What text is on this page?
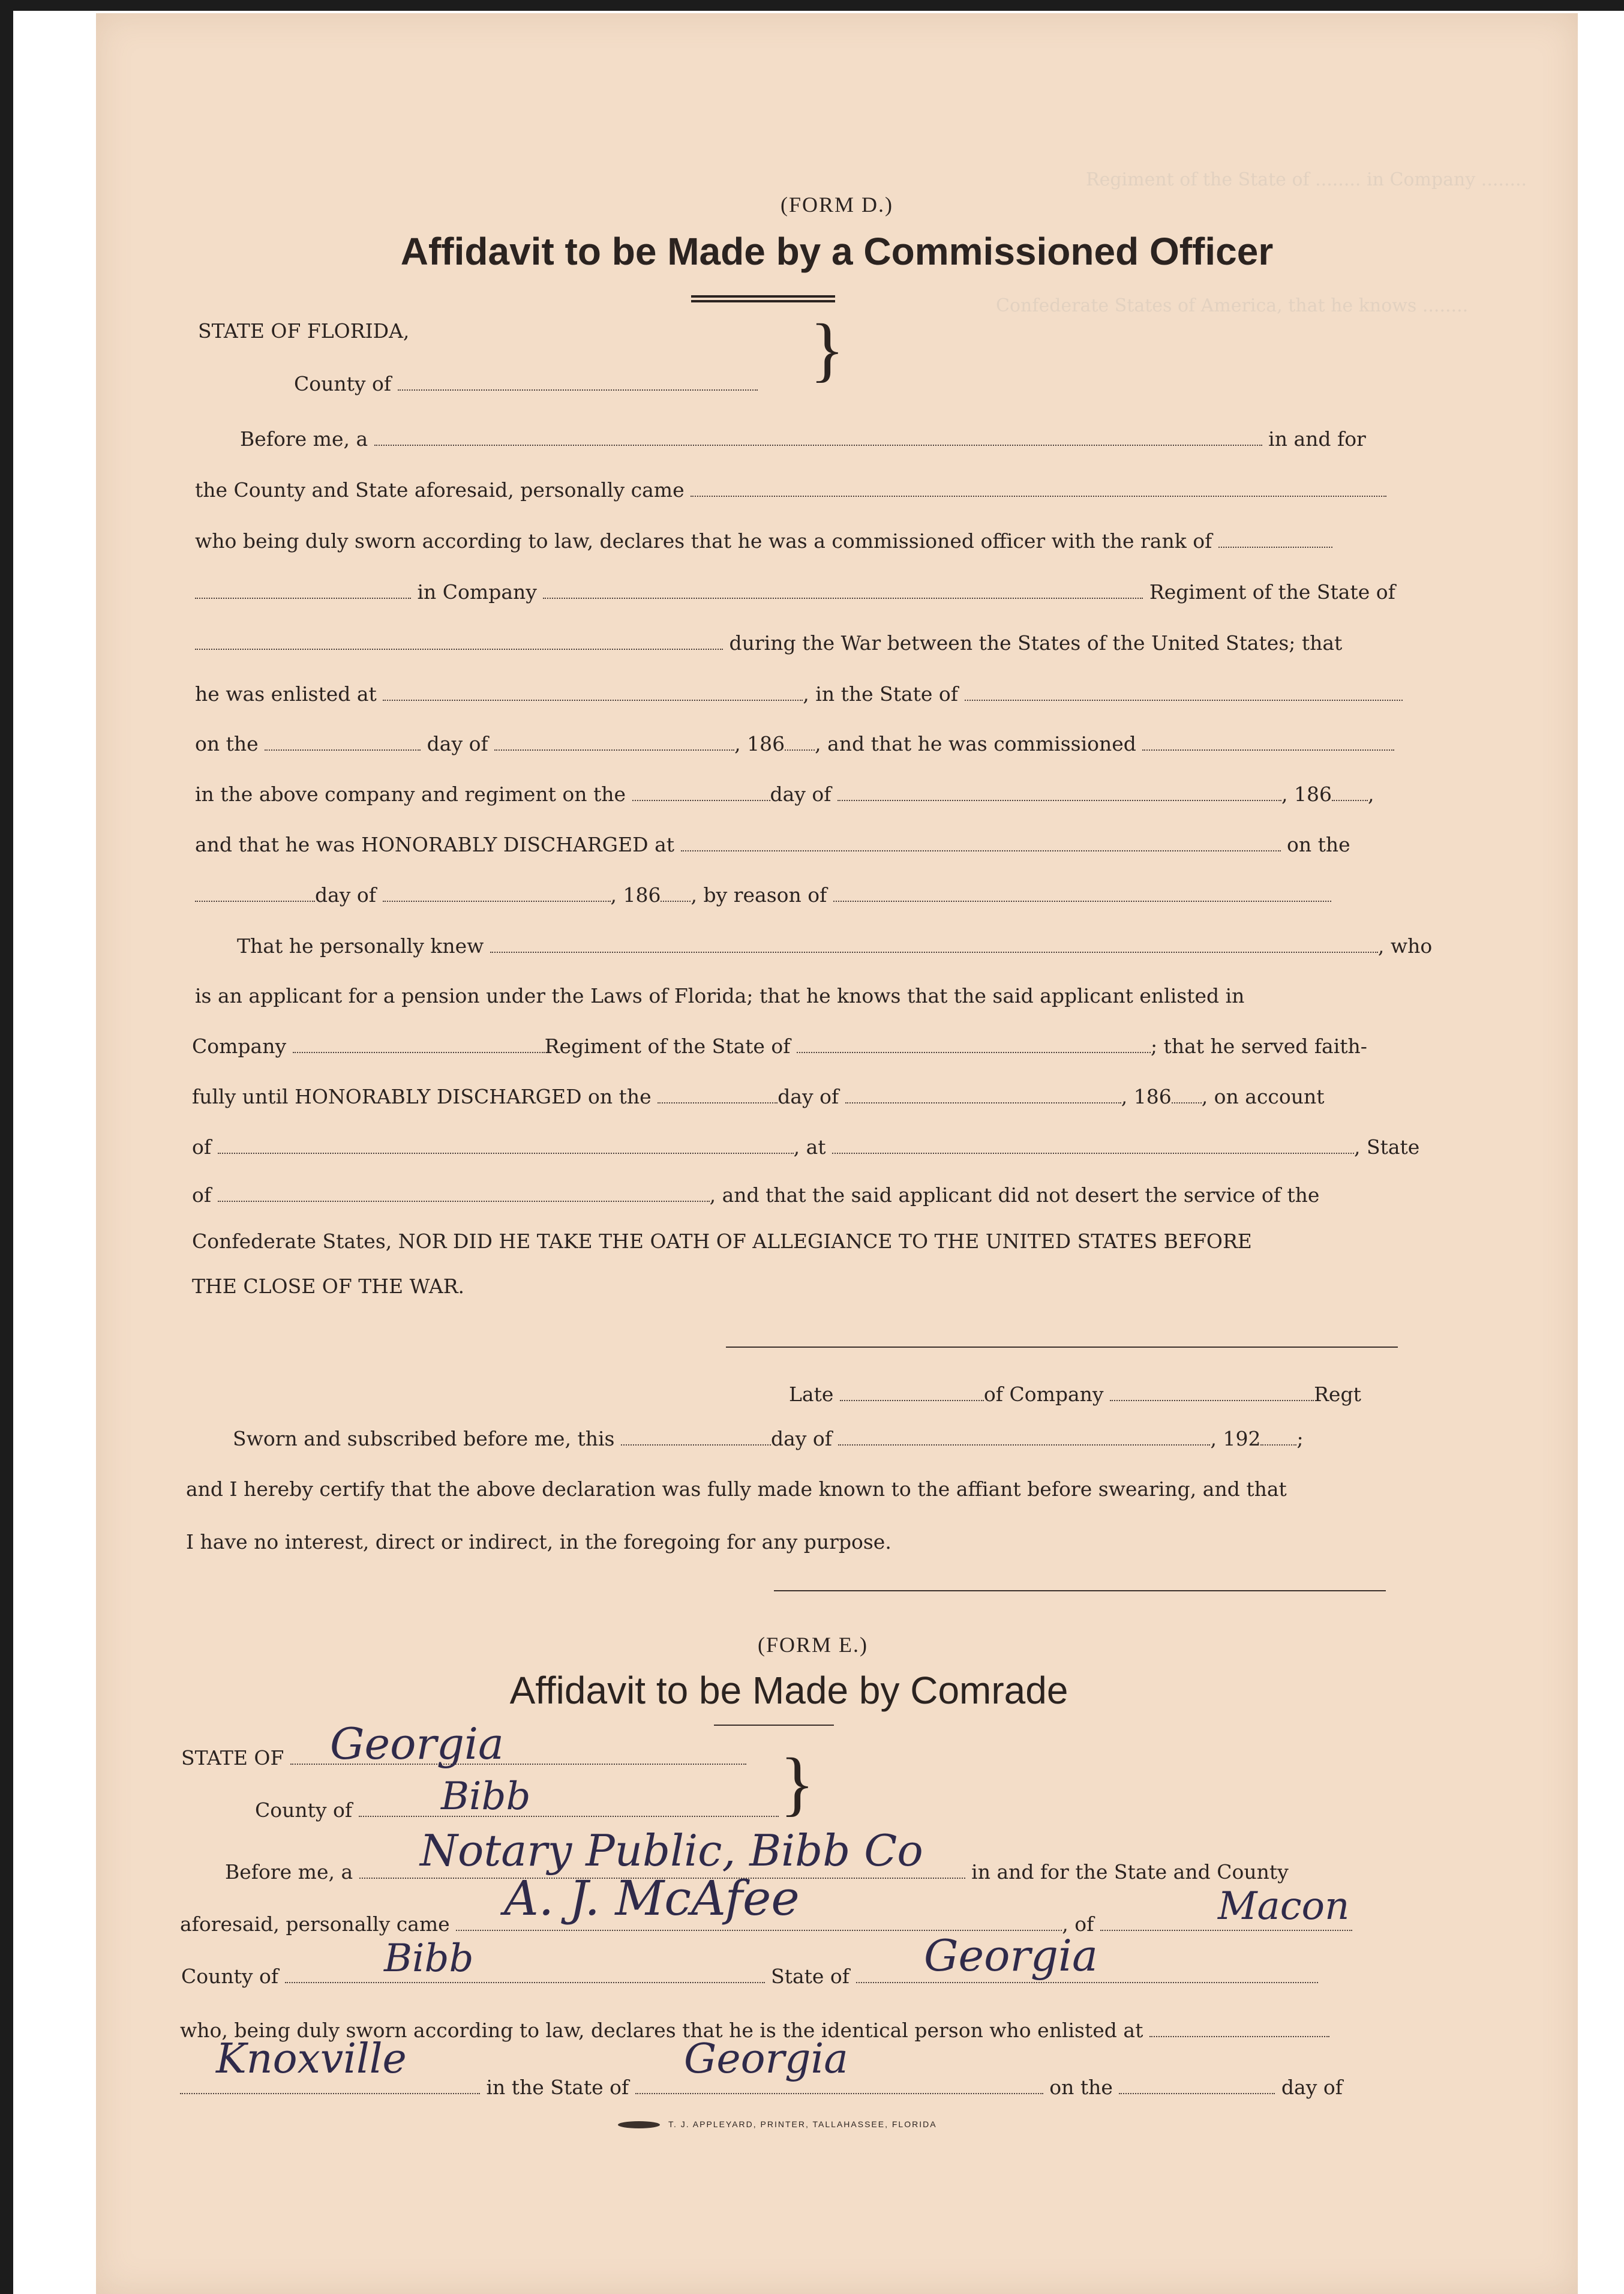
Regiment of the State of ........ in Company ........
Confederate States of America, that he knows ........
(FORM D.)
Affidavit to be Made by a Commissioned Officer
STATE OF FLORIDA,
County of	}
Before me, a	in and for
the County and State aforesaid, personally came
who being duly sworn according to law, declares that he was a commissioned officer with the rank of
in Company	Regiment of the State of
during the War between the States of the United States; that
he was enlisted at	, in the State of
on the	day of	, 186 , and that he was commissioned
in the above company and regiment on the	day of	, 186 ,
and that he was HONORABLY DISCHARGED at	on the
day of	, 186 , by reason of
That he personally knew	, who
is an applicant for a pension under the Laws of Florida; that he knows that the said applicant enlisted in
Company	Regiment of the State of	; that he served faith-
fully until HONORABLY DISCHARGED on the	day of	, 186 , on account
of	, at	, State
of	, and that the said applicant did not desert the service of the
Confederate States, NOR DID HE TAKE THE OATH OF ALLEGIANCE TO THE UNITED STATES BEFORE
THE CLOSE OF THE WAR.
Late	of Company	Regt
Sworn and subscribed before me, this	day of	, 192 ;
and I hereby certify that the above declaration was fully made known to the affiant before swearing, and that
I have no interest, direct or indirect, in the foregoing for any purpose.
(FORM E.)
Affidavit to be Made by Comrade
STATE OF	Georgia
County of	Bibb	}
Before me, a	in and for the State and County
Notary Public, Bibb Co
aforesaid, personally came	, of
A. J. McAfee	Macon
County of	State of
Bibb	Georgia
who, being duly sworn according to law, declares that he is the identical person who enlisted at
in the State of	on the	day of
Knoxville	Georgia
T. J. APPLEYARD, PRINTER, TALLAHASSEE, FLORIDA
